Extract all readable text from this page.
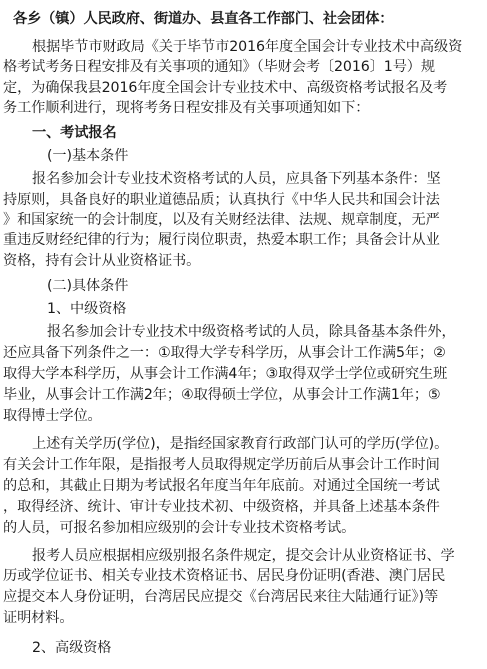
各乡（镇）人民政府、街道办、县直各工作部门、社会团体：
根据毕节市财政局《关于毕节市2016年度全国会计专业技术中高级资
格考试考务日程安排及有关事项的通知》（毕财会考〔2016〕1号）规
定，为确保我县2016年度全国会计专业技术中、高级资格考试报名及考
务工作顺利进行，现将考务日程安排及有关事项通知如下：
一、考试报名
(一)基本条件
报名参加会计专业技术资格考试的人员，应具备下列基本条件：坚
持原则，具备良好的职业道德品质；认真执行《中华人民共和国会计法
》和国家统一的会计制度，以及有关财经法律、法规、规章制度，无严
重违反财经纪律的行为；履行岗位职责，热爱本职工作；具备会计从业
资格，持有会计从业资格证书。
(二)具体条件
1、中级资格
报名参加会计专业技术中级资格考试的人员，除具备基本条件外，
还应具备下列条件之一：①取得大学专科学历，从事会计工作满5年；②
取得大学本科学历，从事会计工作满4年；③取得双学士学位或研究生班
毕业，从事会计工作满2年；④取得硕士学位，从事会计工作满1年；⑤
取得博士学位。
上述有关学历(学位)，是指经国家教育行政部门认可的学历(学位)。
有关会计工作年限，是指报考人员取得规定学历前后从事会计工作时间
的总和，其截止日期为考试报名年度当年年底前。对通过全国统一考试
，取得经济、统计、审计专业技术初、中级资格，并具备上述基本条件
的人员，可报名参加相应级别的会计专业技术资格考试。
报考人员应根据相应级别报名条件规定，提交会计从业资格证书、学
历或学位证书、相关专业技术资格证书、居民身份证明(香港、澳门居民
应提交本人身份证明，台湾居民应提交《台湾居民来往大陆通行证》)等
证明材料。
2、高级资格
